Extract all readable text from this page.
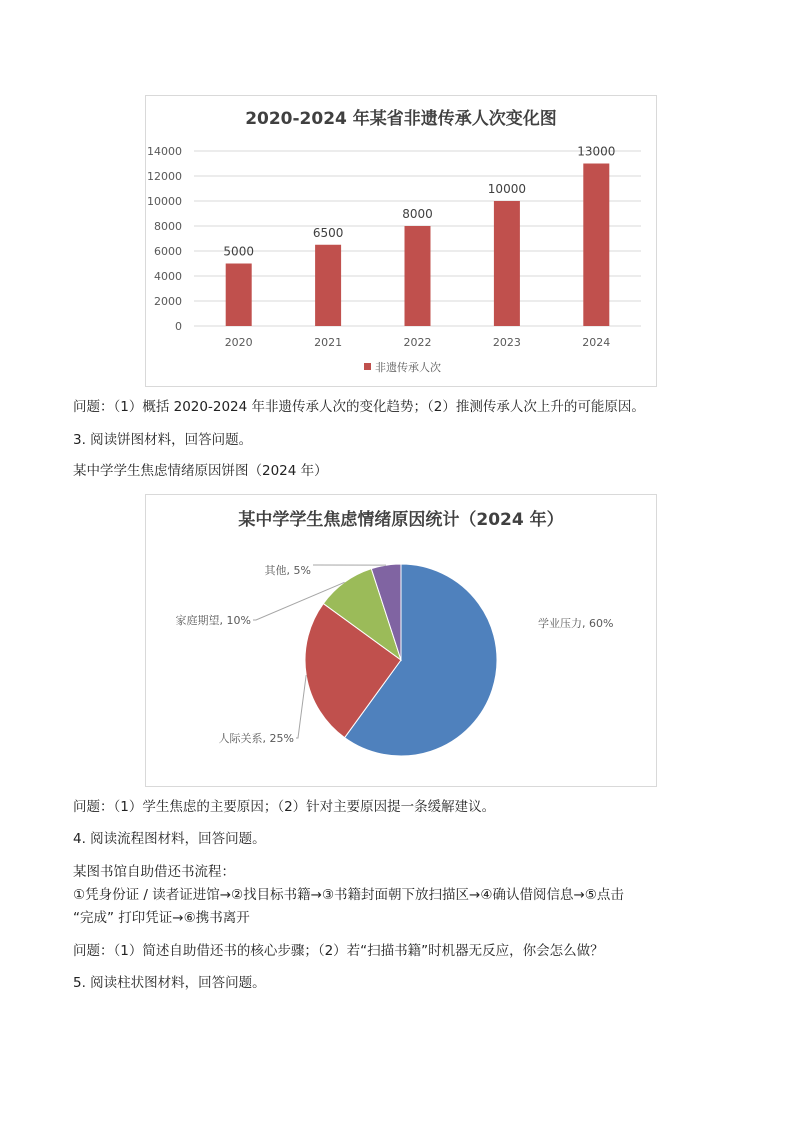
2020-2024 年某省非遗传承人次变化图
0
2000
4000
6000
8000
10000
12000
14000
5000
6500
8000
10000
13000
2020	2021	2022	2023	2024
非遗传承人次
问题：（1）概括 2020-2024 年非遗传承人次的变化趋势；（2）推测传承人次上升的可能原因。
3. 阅读饼图材料，回答问题。
某中学学生焦虑情绪原因饼图（2024 年）
某中学学生焦虑情绪原因统计（2024 年）
学业压力, 60%
人际关系, 25%
家庭期望, 10%
其他, 5%
问题：（1）学生焦虑的主要原因；（2）针对主要原因提一条缓解建议。
4. 阅读流程图材料，回答问题。
某图书馆自助借还书流程：
①凭身份证 / 读者证进馆→②找目标书籍→③书籍封面朝下放扫描区→④确认借阅信息→⑤点击
“完成” 打印凭证→⑥携书离开
问题：（1）简述自助借还书的核心步骤；（2）若“扫描书籍”时机器无反应，你会怎么做？
5. 阅读柱状图材料，回答问题。
